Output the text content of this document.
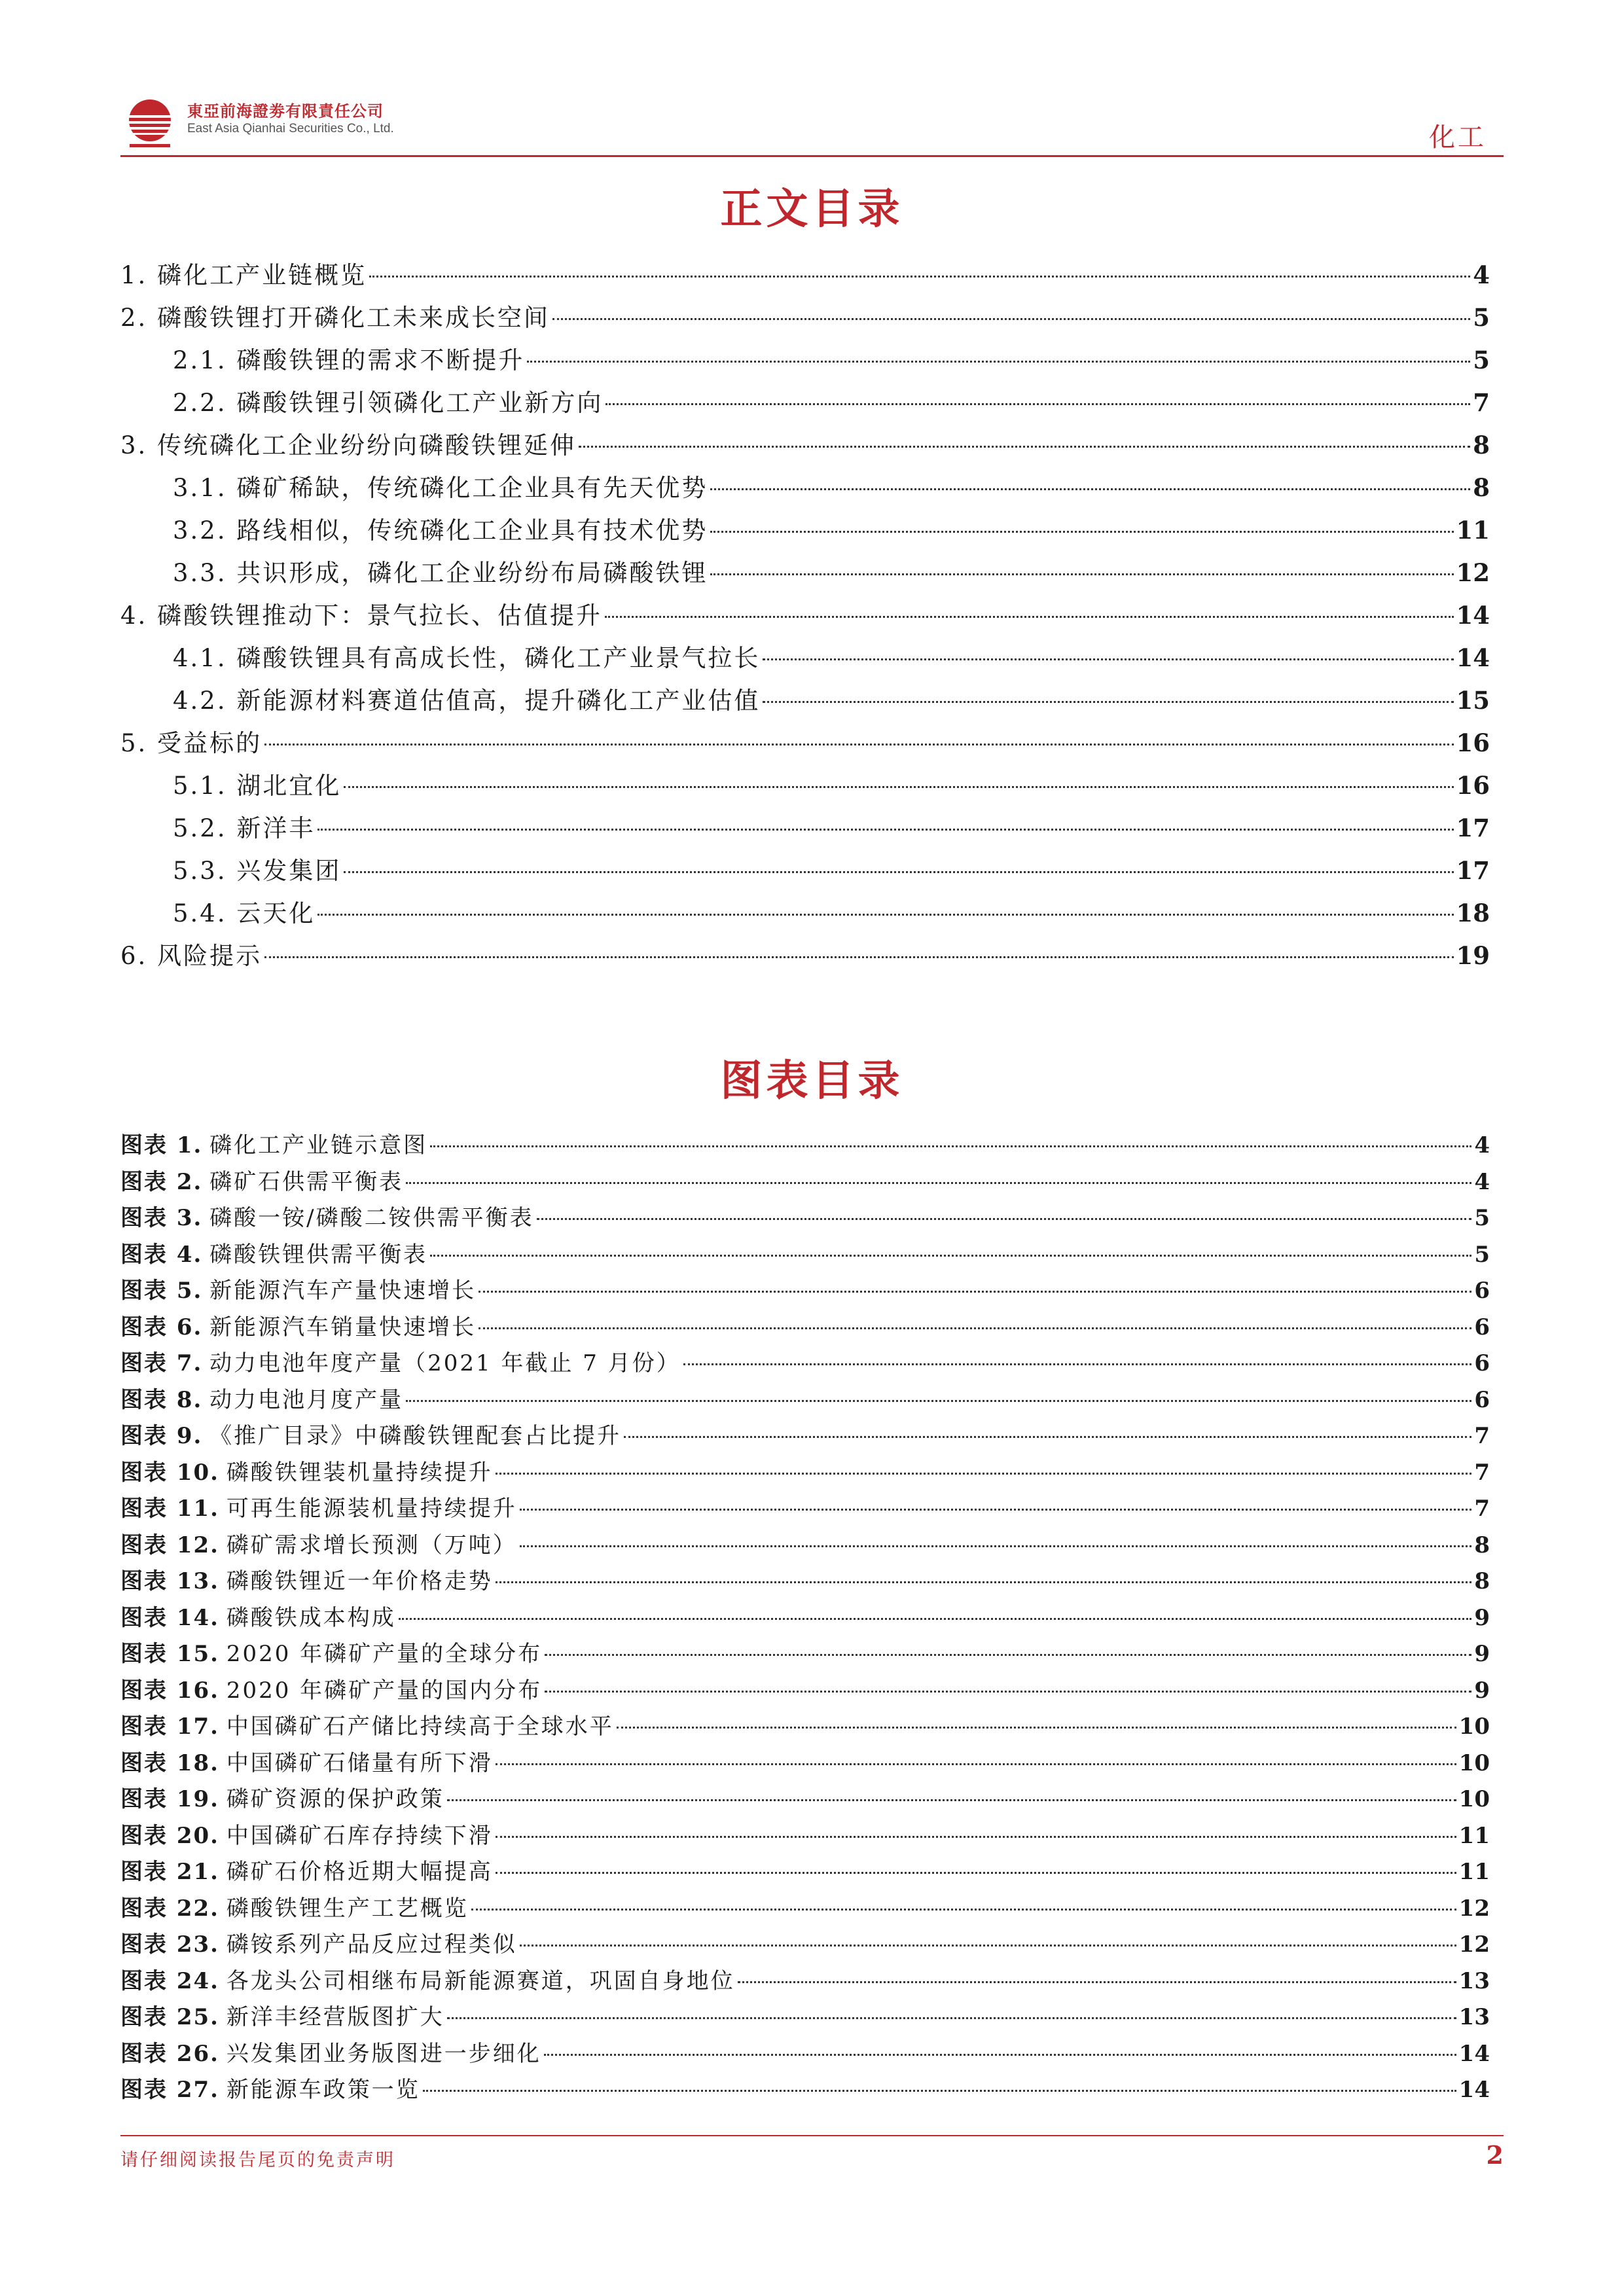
東亞前海證劵有限責任公司
East Asia Qianhai Securities Co., Ltd.	化工
正文目录
1. 磷化工产业链概览	4
2. 磷酸铁锂打开磷化工未来成长空间	5
2.1. 磷酸铁锂的需求不断提升	5
2.2. 磷酸铁锂引领磷化工产业新方向	7
3. 传统磷化工企业纷纷向磷酸铁锂延伸	8
3.1. 磷矿稀缺，传统磷化工企业具有先天优势	8
3.2. 路线相似，传统磷化工企业具有技术优势	11
3.3. 共识形成，磷化工企业纷纷布局磷酸铁锂	12
4. 磷酸铁锂推动下：景气拉长、估值提升	14
4.1. 磷酸铁锂具有高成长性，磷化工产业景气拉长	14
4.2. 新能源材料赛道估值高，提升磷化工产业估值	15
5. 受益标的	16
5.1. 湖北宜化	16
5.2. 新洋丰	17
5.3. 兴发集团	17
5.4. 云天化	18
6. 风险提示	19
图表目录
图表 1. 磷化工产业链示意图	4
图表 2. 磷矿石供需平衡表	4
图表 3. 磷酸一铵/磷酸二铵供需平衡表	5
图表 4. 磷酸铁锂供需平衡表	5
图表 5. 新能源汽车产量快速增长	6
图表 6. 新能源汽车销量快速增长	6
图表 7. 动力电池年度产量（2021 年截止 7 月份）	6
图表 8. 动力电池月度产量	6
图表 9. 《推广目录》中磷酸铁锂配套占比提升	7
图表 10. 磷酸铁锂装机量持续提升	7
图表 11. 可再生能源装机量持续提升	7
图表 12. 磷矿需求增长预测（万吨）	8
图表 13. 磷酸铁锂近一年价格走势	8
图表 14. 磷酸铁成本构成	9
图表 15. 2020 年磷矿产量的全球分布	9
图表 16. 2020 年磷矿产量的国内分布	9
图表 17. 中国磷矿石产储比持续高于全球水平	10
图表 18. 中国磷矿石储量有所下滑	10
图表 19. 磷矿资源的保护政策	10
图表 20. 中国磷矿石库存持续下滑	11
图表 21. 磷矿石价格近期大幅提高	11
图表 22. 磷酸铁锂生产工艺概览	12
图表 23. 磷铵系列产品反应过程类似	12
图表 24. 各龙头公司相继布局新能源赛道，巩固自身地位	13
图表 25. 新洋丰经营版图扩大	13
图表 26. 兴发集团业务版图进一步细化	14
图表 27. 新能源车政策一览	14
请仔细阅读报告尾页的免责声明	2
